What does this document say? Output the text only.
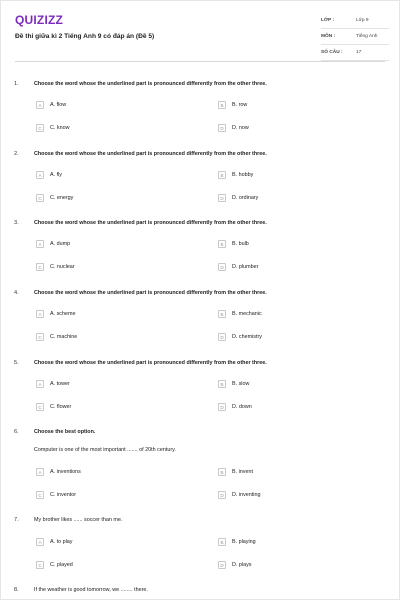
QUIZIZZ
Đề thi giữa kì 2 Tiếng Anh 9 có đáp án (Đề 5)
LỚP :	Lớp 9
MÔN :	Tiếng Anh
SỐ CÂU :	17
1.	Choose the word whose the underlined part is pronounced differently from the other three.
A	A. flow	B	B. row
C	C. know	D	D. now
2.	Choose the word whose the underlined part is pronounced differently from the other three.
A	A. fly	B	B. hobby
C	C. energy	D	D. ordinary
3.	Choose the word whose the underlined part is pronounced differently from the other three.
A	A. dump	B	B. bulb
C	C. nuclear	D	D. plumber
4.	Choose the word whose the underlined part is pronounced differently from the other three.
A	A. scheme	B	B. mechanic
C	C. machine	D	D. chemistry
5.	Choose the word whose the underlined part is pronounced differently from the other three.
A	A. tower	B	B. slow
C	C. flower	D	D. down
6.	Choose the best option.
Computer is one of the most important ....... of 20th century.
A	A. inventions	B	B. invent
C	C. inventor	D	D. inventing
7.	My brother likes ...... soccer than me.
A	A. to play	B	B. playing
C	C. played	D	D. plays
8.	If the weather is good tomorrow, we ........ there.
